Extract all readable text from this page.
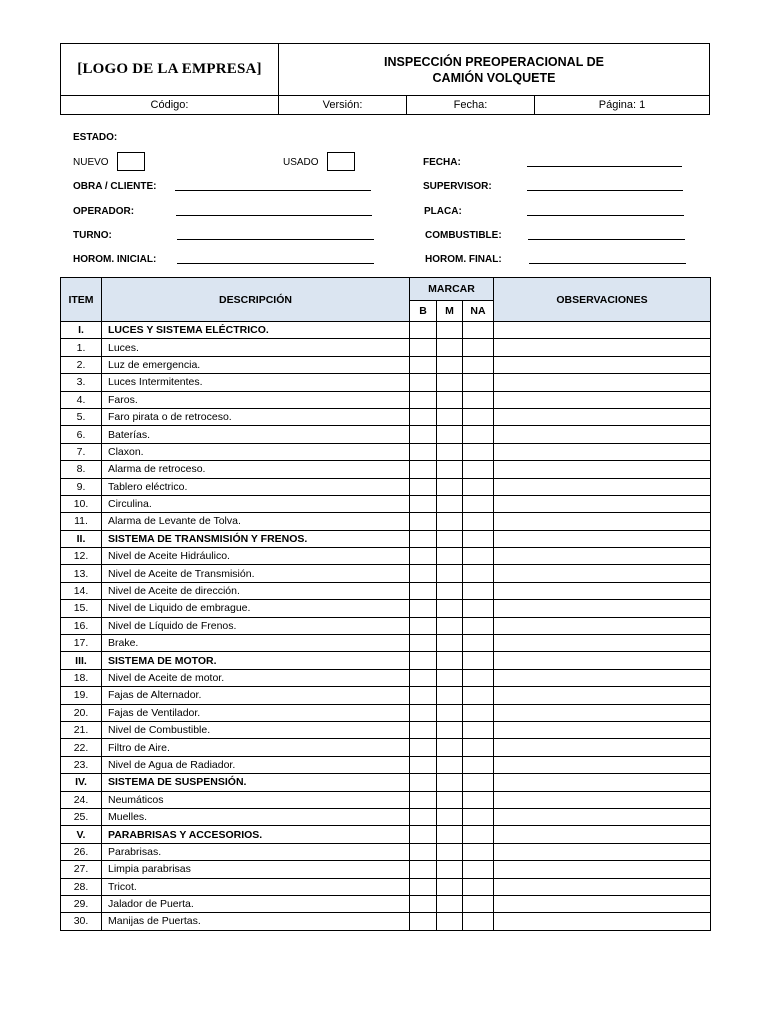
[LOGO DE LA EMPRESA]	INSPECCIÓN PREOPERACIONAL DE
CAMIÓN VOLQUETE
Código:	Versión:	Fecha:	Página: 1
ESTADO:
NUEVO	USADO	FECHA:
OBRA / CLIENTE:	SUPERVISOR:
OPERADOR:	PLACA:
TURNO:	COMBUSTIBLE:
HOROM. INICIAL:	HOROM. FINAL:
ITEM	DESCRIPCIÓN	MARCAR			OBSERVACIONES
		B	M	NA	
I.	LUCES Y SISTEMA ELÉCTRICO.				
1.	Luces.				
2.	Luz de emergencia.				
3.	Luces Intermitentes.				
4.	Faros.				
5.	Faro pirata o de retroceso.				
6.	Baterías.				
7.	Claxon.				
8.	Alarma de retroceso.				
9.	Tablero eléctrico.				
10.	Circulina.				
11.	Alarma de Levante de Tolva.				
II.	SISTEMA DE TRANSMISIÓN Y FRENOS.				
12.	Nivel de Aceite Hidráulico.				
13.	Nivel de Aceite de Transmisión.				
14.	Nivel de Aceite de dirección.				
15.	Nivel de Liquido de embrague.				
16.	Nivel de Líquido de Frenos.				
17.	Brake.				
III.	SISTEMA DE MOTOR.				
18.	Nivel de Aceite de motor.				
19.	Fajas de Alternador.				
20.	Fajas de Ventilador.				
21.	Nivel de Combustible.				
22.	Filtro de Aire.				
23.	Nivel de Agua de Radiador.				
IV.	SISTEMA DE SUSPENSIÓN.				
24.	Neumáticos				
25.	Muelles.				
V.	PARABRISAS Y ACCESORIOS.				
26.	Parabrisas.				
27.	Limpia parabrisas				
28.	Tricot.				
29.	Jalador de Puerta.				
30.	Manijas de Puertas.				
